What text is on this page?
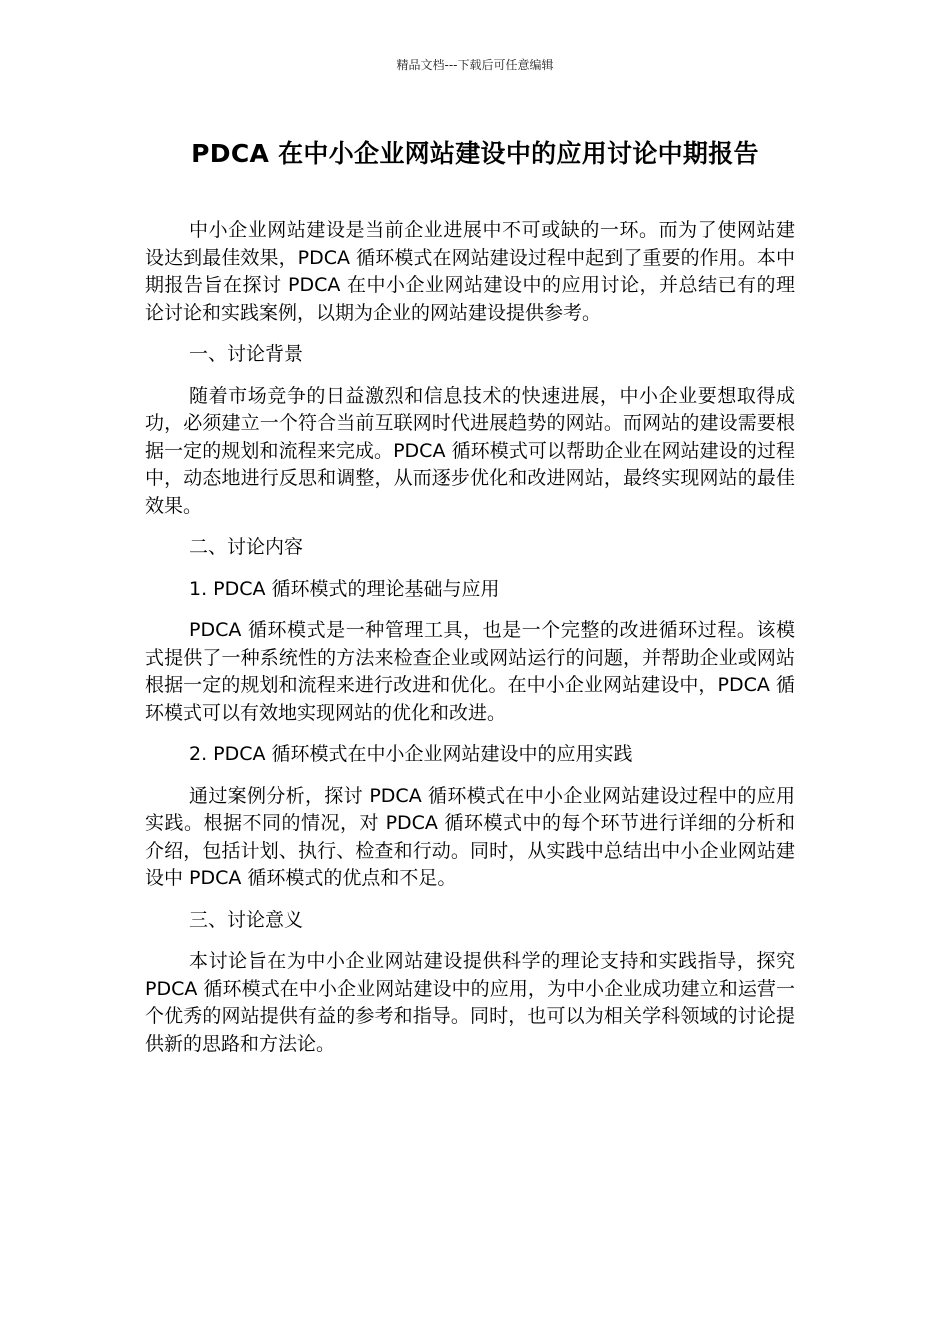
精品文档---下载后可任意编辑
PDCA 在中小企业网站建设中的应用讨论中期报告

中小企业网站建设是当前企业进展中不可或缺的一环。而为了使网站建设达到最佳效果，PDCA 循环模式在网站建设过程中起到了重要的作用。本中期报告旨在探讨 PDCA 在中小企业网站建设中的应用讨论，并总结已有的理论讨论和实践案例，以期为企业的网站建设提供参考。

一、讨论背景

随着市场竞争的日益激烈和信息技术的快速进展，中小企业要想取得成功，必须建立一个符合当前互联网时代进展趋势的网站。而网站的建设需要根据一定的规划和流程来完成。PDCA 循环模式可以帮助企业在网站建设的过程中，动态地进行反思和调整，从而逐步优化和改进网站，最终实现网站的最佳效果。

二、讨论内容

1. PDCA 循环模式的理论基础与应用

PDCA 循环模式是一种管理工具，也是一个完整的改进循环过程。该模式提供了一种系统性的方法来检查企业或网站运行的问题，并帮助企业或网站根据一定的规划和流程来进行改进和优化。在中小企业网站建设中，PDCA 循环模式可以有效地实现网站的优化和改进。

2. PDCA 循环模式在中小企业网站建设中的应用实践

通过案例分析，探讨 PDCA 循环模式在中小企业网站建设过程中的应用实践。根据不同的情况，对 PDCA 循环模式中的每个环节进行详细的分析和介绍，包括计划、执行、检查和行动。同时，从实践中总结出中小企业网站建设中 PDCA 循环模式的优点和不足。

三、讨论意义

本讨论旨在为中小企业网站建设提供科学的理论支持和实践指导，探究 PDCA 循环模式在中小企业网站建设中的应用，为中小企业成功建立和运营一个优秀的网站提供有益的参考和指导。同时，也可以为相关学科领域的讨论提供新的思路和方法论。
